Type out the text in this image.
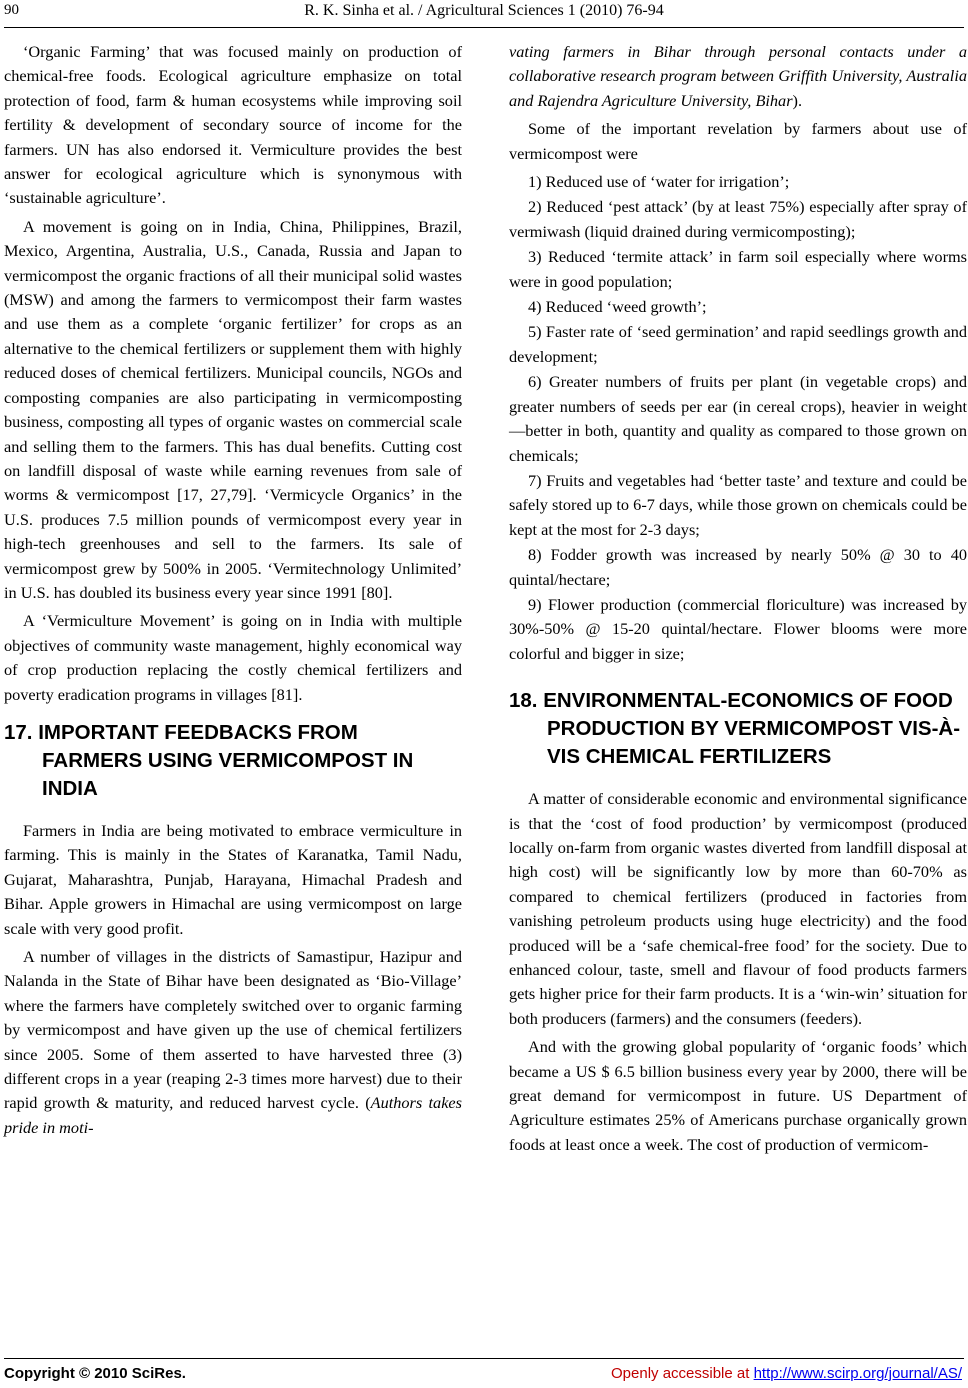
90	R. K. Sinha et al. / Agricultural Sciences 1 (2010) 76-94

‘Organic Farming’ that was focused mainly on production of chemical-free foods. Ecological agriculture emphasize on total protection of food, farm & human ecosystems while improving soil fertility & development of secondary source of income for the farmers. UN has also endorsed it. Vermiculture provides the best answer for ecological agriculture which is synonymous with ‘sustainable agriculture’.

A movement is going on in India, China, Philippines, Brazil, Mexico, Argentina, Australia, U.S., Canada, Russia and Japan to vermicompost the organic fractions of all their municipal solid wastes (MSW) and among the farmers to vermicompost their farm wastes and use them as a complete ‘organic fertilizer’ for crops as an alternative to the chemical fertilizers or supplement them with highly reduced doses of chemical fertilizers. Municipal councils, NGOs and composting companies are also participating in vermicomposting business, composting all types of organic wastes on commercial scale and selling them to the farmers. This has dual benefits. Cutting cost on landfill disposal of waste while earning revenues from sale of worms & vermicompost [17, 27,79]. ‘Vermicycle Organics’ in the U.S. produces 7.5 million pounds of vermicompost every year in high-tech greenhouses and sell to the farmers. Its sale of vermicompost grew by 500% in 2005. ‘Vermitechnology Unlimited’ in U.S. has doubled its business every year since 1991 [80].

A ‘Vermiculture Movement’ is going on in India with multiple objectives of community waste management, highly economical way of crop production replacing the costly chemical fertilizers and poverty eradication programs in villages [81].

17. IMPORTANT FEEDBACKS FROM FARMERS USING VERMICOMPOST IN INDIA

Farmers in India are being motivated to embrace vermiculture in farming. This is mainly in the States of Karanatka, Tamil Nadu, Gujarat, Maharashtra, Punjab, Harayana, Himachal Pradesh and Bihar. Apple growers in Himachal are using vermicompost on large scale with very good profit.

A number of villages in the districts of Samastipur, Hazipur and Nalanda in the State of Bihar have been designated as ‘Bio-Village’ where the farmers have completely switched over to organic farming by vermicompost and have given up the use of chemical fertilizers since 2005. Some of them asserted to have harvested three (3) different crops in a year (reaping 2-3 times more harvest) due to their rapid growth & maturity, and reduced harvest cycle. (Authors takes pride in moti-

vating farmers in Bihar through personal contacts under a collaborative research program between Griffith University, Australia and Rajendra Agriculture University, Bihar).

Some of the important revelation by farmers about use of vermicompost were

1) Reduced use of ‘water for irrigation’;

2) Reduced ‘pest attack’ (by at least 75%) especially after spray of vermiwash (liquid drained during vermicomposting);

3) Reduced ‘termite attack’ in farm soil especially where worms were in good population;

4) Reduced ‘weed growth’;

5) Faster rate of ‘seed germination’ and rapid seedlings growth and development;

6) Greater numbers of fruits per plant (in vegetable crops) and greater numbers of seeds per ear (in cereal crops), heavier in weight—better in both, quantity and quality as compared to those grown on chemicals;

7) Fruits and vegetables had ‘better taste’ and texture and could be safely stored up to 6-7 days, while those grown on chemicals could be kept at the most for 2-3 days;

8) Fodder growth was increased by nearly 50% @ 30 to 40 quintal/hectare;

9) Flower production (commercial floriculture) was increased by 30%-50% @ 15-20 quintal/hectare. Flower blooms were more colorful and bigger in size;

18. ENVIRONMENTAL-ECONOMICS OF FOOD PRODUCTION BY VERMICOMPOST VIS-À-VIS CHEMICAL FERTILIZERS

A matter of considerable economic and environmental significance is that the ‘cost of food production’ by vermicompost (produced locally on-farm from organic wastes diverted from landfill disposal at high cost) will be significantly low by more than 60-70% as compared to chemical fertilizers (produced in factories from vanishing petroleum products using huge electricity) and the food produced will be a ‘safe chemical-free food’ for the society. Due to enhanced colour, taste, smell and flavour of food products farmers gets higher price for their farm products. It is a ‘win-win’ situation for both producers (farmers) and the consumers (feeders).

And with the growing global popularity of ‘organic foods’ which became a US $ 6.5 billion business every year by 2000, there will be great demand for vermicompost in future. US Department of Agriculture estimates 25% of Americans purchase organically grown foods at least once a week. The cost of production of vermicom-

Copyright © 2010 SciRes.	Openly accessible at http://www.scirp.org/journal/AS/
